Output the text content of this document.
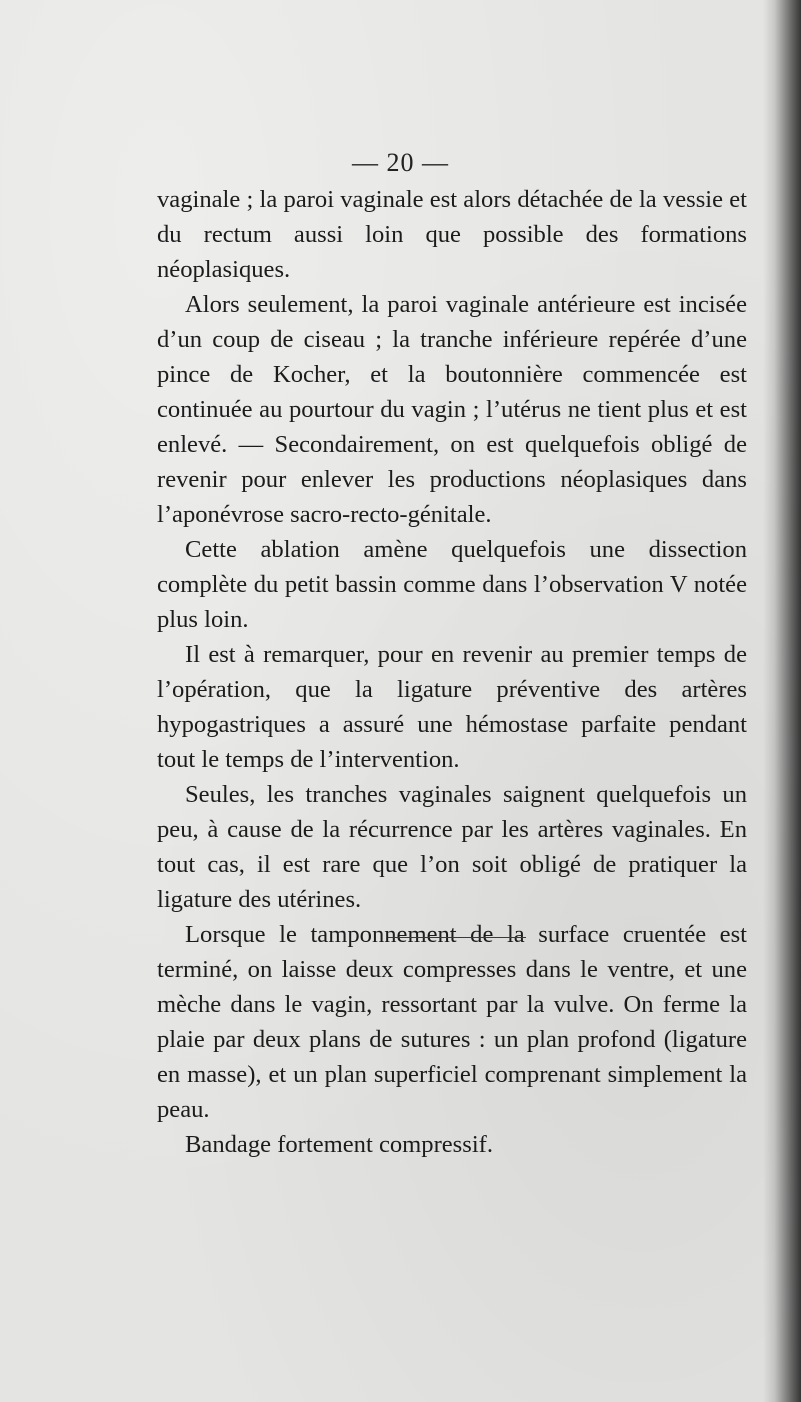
— 20 —

vaginale ; la paroi vaginale est alors détachée de la vessie et du rectum aussi loin que possible des formations néoplasiques.

Alors seulement, la paroi vaginale antérieure est incisée d’un coup de ciseau ; la tranche inférieure repérée d’une pince de Kocher, et la boutonnière commencée est continuée au pourtour du vagin ; l’utérus ne tient plus et est enlevé. — Secondairement, on est quelquefois obligé de revenir pour enlever les productions néoplasiques dans l’aponévrose sacro-recto-génitale.

Cette ablation amène quelquefois une dissection complète du petit bassin comme dans l’observation V notée plus loin.

Il est à remarquer, pour en revenir au premier temps de l’opération, que la ligature préventive des artères hypogastriques a assuré une hémostase parfaite pendant tout le temps de l’intervention.

Seules, les tranches vaginales saignent quelquefois un peu, à cause de la récurrence par les artères vaginales. En tout cas, il est rare que l’on soit obligé de pratiquer la ligature des utérines.

Lorsque le tamponnement de la surface cruentée est terminé, on laisse deux compresses dans le ventre, et une mèche dans le vagin, ressortant par la vulve. On ferme la plaie par deux plans de sutures : un plan profond (ligature en masse), et un plan superficiel comprenant simplement la peau.

Bandage fortement compressif.
